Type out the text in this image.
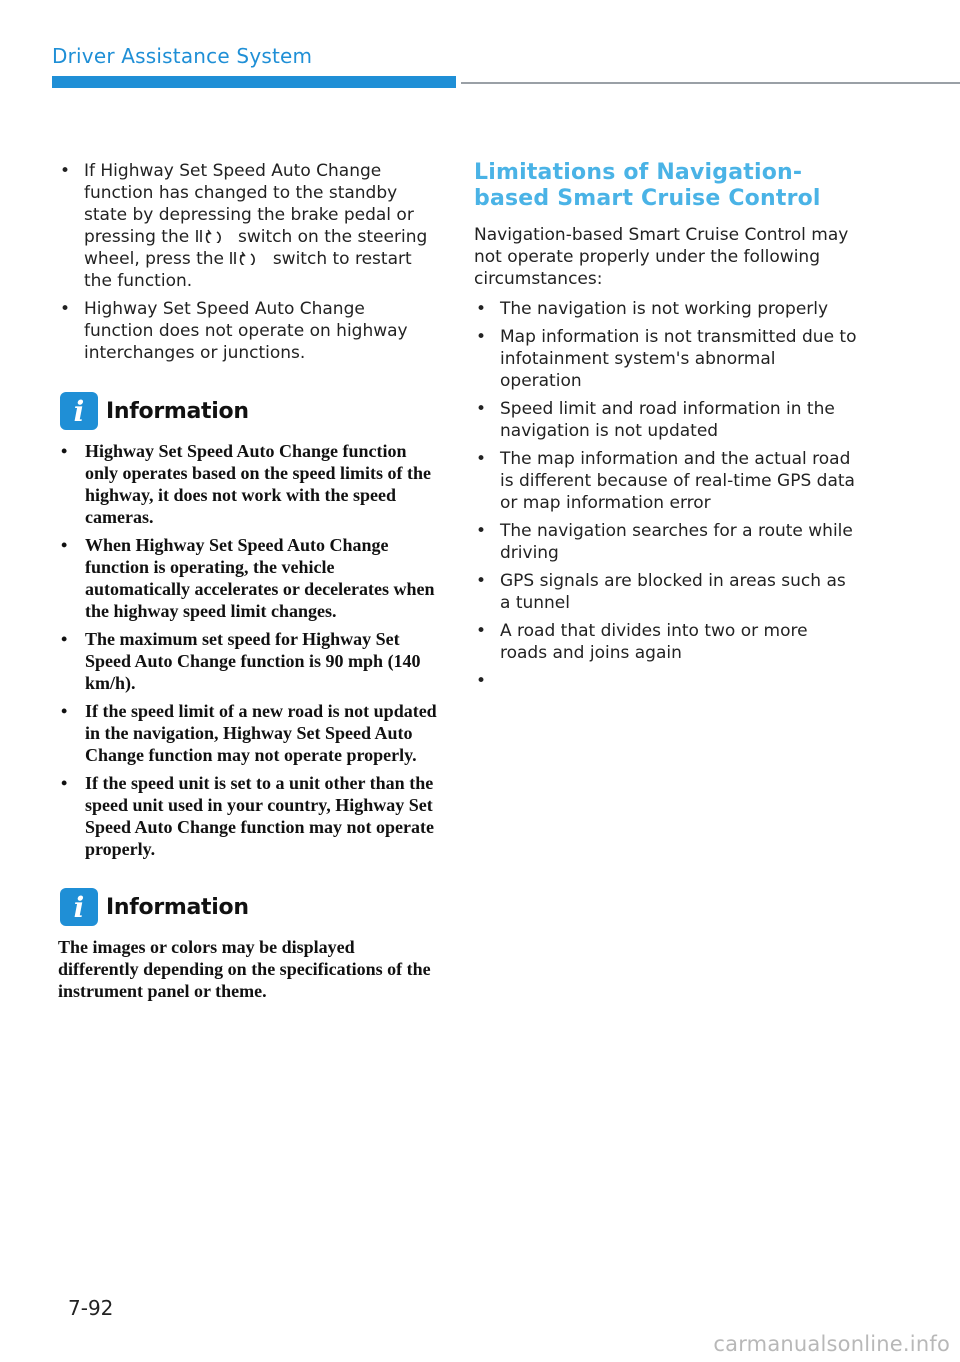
Driver Assistance System
• If Highway Set Speed Auto Change function has changed to the standby state by depressing the brake pedal or pressing the  switch on the steering wheel, press the  switch to restart the function.
• Highway Set Speed Auto Change function does not operate on highway interchanges or junctions.
i Information
• Highway Set Speed Auto Change function only operates based on the speed limits of the highway, it does not work with the speed cameras.
• When Highway Set Speed Auto Change function is operating, the vehicle automatically accelerates or decelerates when the highway speed limit changes.
• The maximum set speed for Highway Set Speed Auto Change function is 90 mph (140 km/h).
• If the speed limit of a new road is not updated in the navigation, Highway Set Speed Auto Change function may not operate properly.
• If the speed unit is set to a unit other than the speed unit used in your country, Highway Set Speed Auto Change function may not operate properly.
i Information

The images or colors may be displayed differently depending on the specifications of the instrument panel or theme.

Limitations of Navigation-based Smart Cruise Control

Navigation-based Smart Cruise Control may not operate properly under the following circumstances:

• The navigation is not working properly
• Map information is not transmitted due to infotainment system's abnormal operation
• Speed limit and road information in the navigation is not updated
• The map information and the actual road is different because of real-time GPS data or map information error
• The navigation searches for a route while driving
• GPS signals are blocked in areas such as a tunnel
• A road that divides into two or more roads and joins again
•
7-92
carmanualsonline.info
